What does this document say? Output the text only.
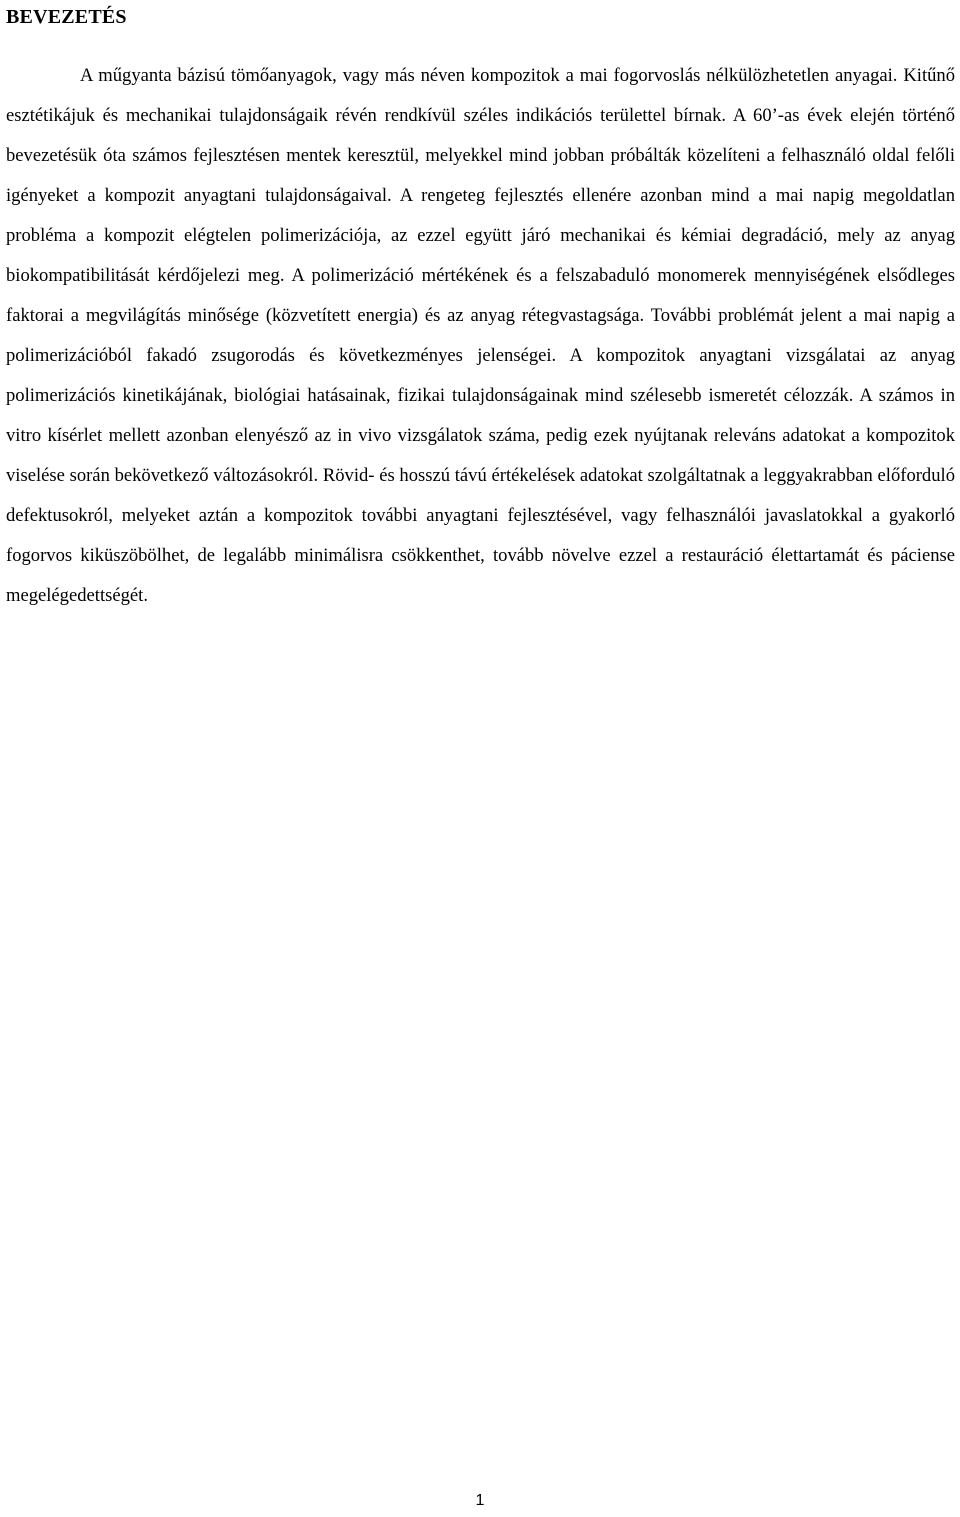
BEVEZETÉS

A műgyanta bázisú tömőanyagok, vagy más néven kompozitok a mai fogorvoslás nélkülözhetetlen anyagai. Kitűnő esztétikájuk és mechanikai tulajdonságaik révén rendkívül széles indikációs területtel bírnak. A 60’-as évek elején történő bevezetésük óta számos fejlesztésen mentek keresztül, melyekkel mind jobban próbálták közelíteni a felhasználó oldal felőli igényeket a kompozit anyagtani tulajdonságaival. A rengeteg fejlesztés ellenére azonban mind a mai napig megoldatlan probléma a kompozit elégtelen polimerizációja, az ezzel együtt járó mechanikai és kémiai degradáció, mely az anyag biokompatibilitását kérdőjelezi meg. A polimerizáció mértékének és a felszabaduló monomerek mennyiségének elsődleges faktorai a megvilágítás minősége (közvetített energia) és az anyag rétegvastagsága. További problémát jelent a mai napig a polimerizációból fakadó zsugorodás és következményes jelenségei. A kompozitok anyagtani vizsgálatai az anyag polimerizációs kinetikájának, biológiai hatásainak, fizikai tulajdonságainak mind szélesebb ismeretét célozzák. A számos in vitro kísérlet mellett azonban elenyésző az in vivo vizsgálatok száma, pedig ezek nyújtanak releváns adatokat a kompozitok viselése során bekövetkező változásokról. Rövid- és hosszú távú értékelések adatokat szolgáltatnak a leggyakrabban előforduló defektusokról, melyeket aztán a kompozitok további anyagtani fejlesztésével, vagy felhasználói javaslatokkal a gyakorló fogorvos kiküszöbölhet, de legalább minimálisra csökkenthet, tovább növelve ezzel a restauráció élettartamát és páciense megelégedettségét.

1
